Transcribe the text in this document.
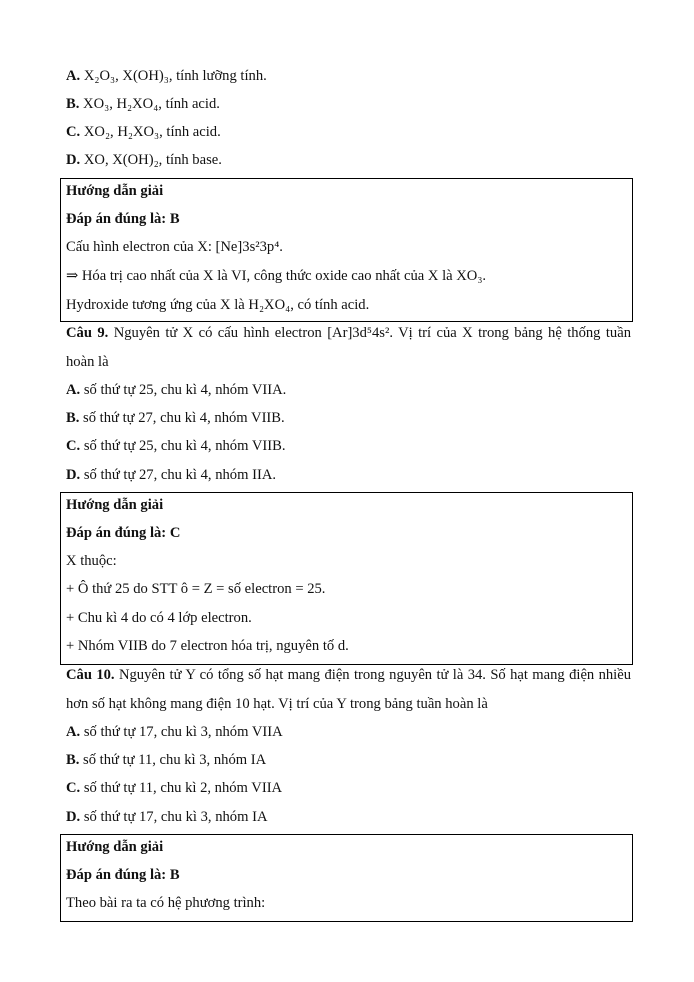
A. X₂O₃, X(OH)₃, tính lưỡng tính.
B. XO₃, H₂XO₄, tính acid.
C. XO₂, H₂XO₃, tính acid.
D. XO, X(OH)₂, tính base.
Hướng dẫn giải
Đáp án đúng là: B
Cấu hình electron của X: [Ne]3s²3p⁴.
⇒ Hóa trị cao nhất của X là VI, công thức oxide cao nhất của X là XO₃.
Hydroxide tương ứng của X là H₂XO₄, có tính acid.
Câu 9. Nguyên tử X có cấu hình electron [Ar]3d⁵4s². Vị trí của X trong bảng hệ thống tuần hoàn là
A. số thứ tự 25, chu kì 4, nhóm VIIA.
B. số thứ tự 27, chu kì 4, nhóm VIIB.
C. số thứ tự 25, chu kì 4, nhóm VIIB.
D. số thứ tự 27, chu kì 4, nhóm IIA.
Hướng dẫn giải
Đáp án đúng là: C
X thuộc:
+ Ô thứ 25 do STT ô = Z = số electron = 25.
+ Chu kì 4 do có 4 lớp electron.
+ Nhóm VIIB do 7 electron hóa trị, nguyên tố d.
Câu 10. Nguyên tử Y có tổng số hạt mang điện trong nguyên tử là 34. Số hạt mang điện nhiều hơn số hạt không mang điện 10 hạt. Vị trí của Y trong bảng tuần hoàn là
A. số thứ tự 17, chu kì 3, nhóm VIIA
B. số thứ tự 11, chu kì 3, nhóm IA
C. số thứ tự 11, chu kì 2, nhóm VIIA
D. số thứ tự 17, chu kì 3, nhóm IA
Hướng dẫn giải
Đáp án đúng là: B
Theo bài ra ta có hệ phương trình:
